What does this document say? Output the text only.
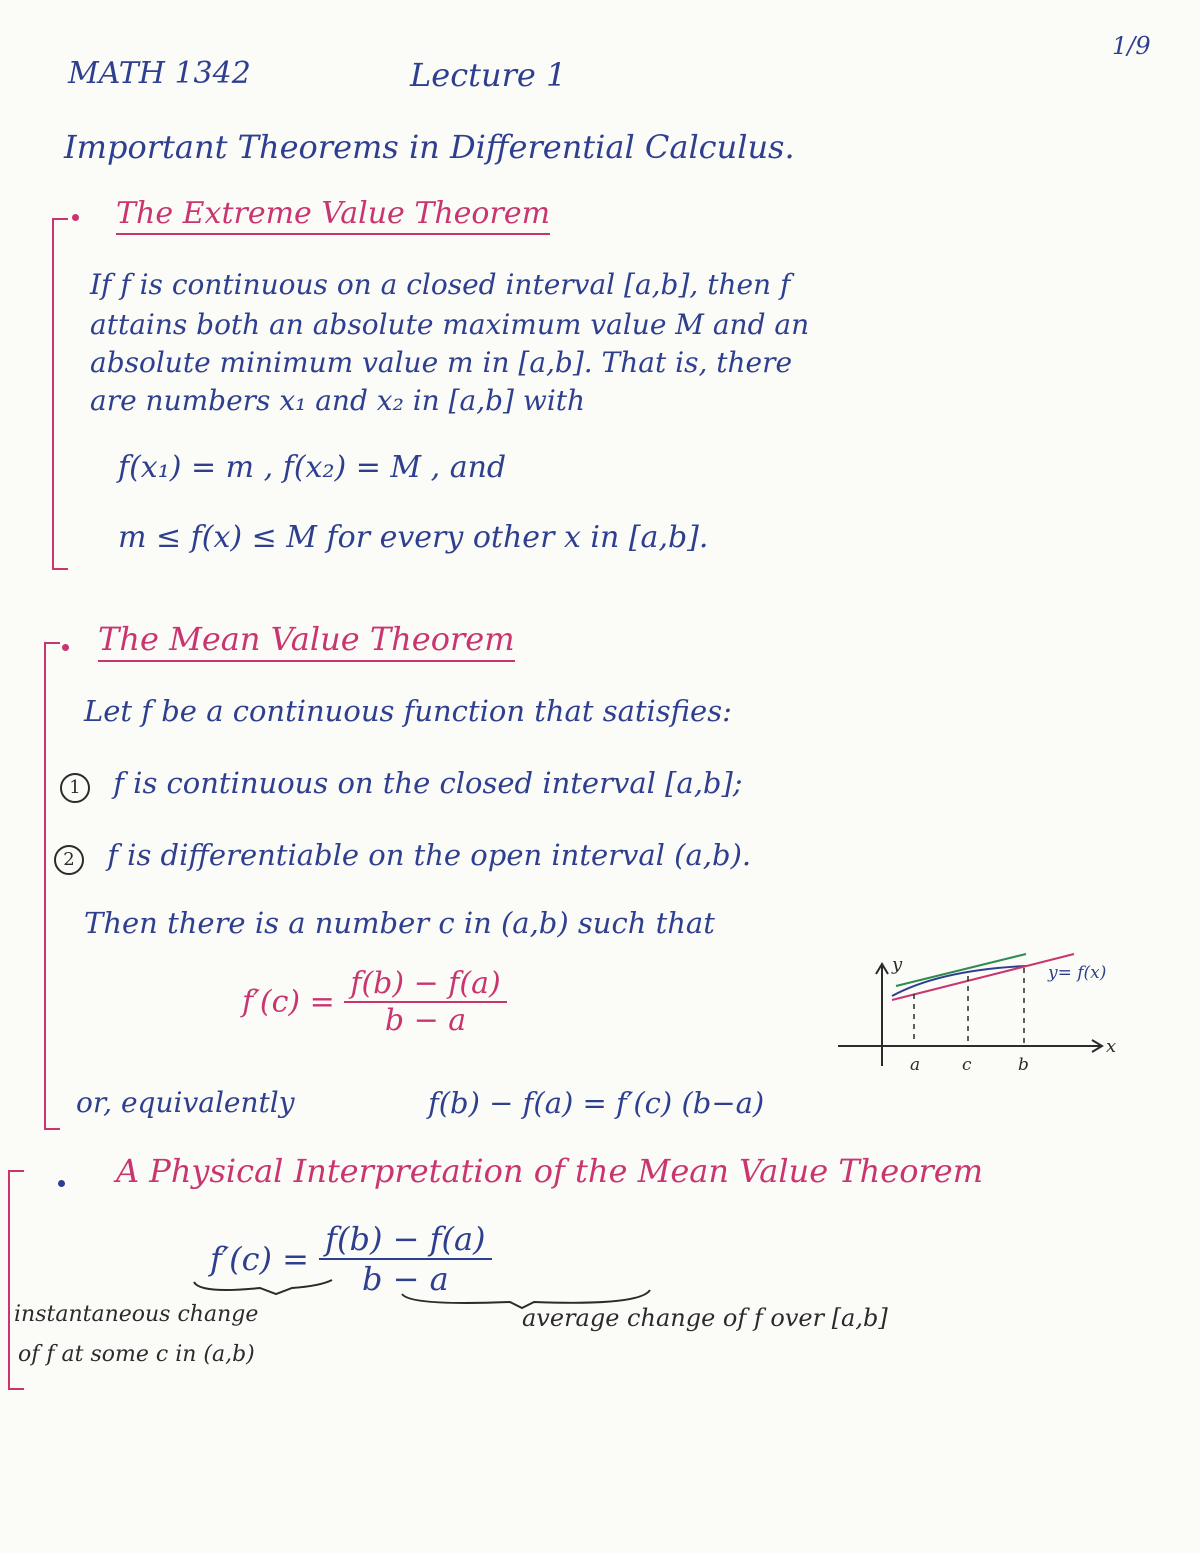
MATH 1342	Lecture 1
1/9
Important Theorems in Differential Calculus.
The Extreme Value Theorem
If f is continuous on a closed interval [a,b], then f
attains both an absolute maximum value M and an
absolute minimum value m in [a,b]. That is, there
are numbers x₁ and x₂ in [a,b] with
f(x₁) = m , f(x₂) = M , and
m ≤ f(x) ≤ M for every other x in [a,b].
The Mean Value Theorem
Let f be a continuous function that satisfies:
1 f is continuous on the closed interval [a,b];
2 f is differentiable on the open interval (a,b).
Then there is a number c in (a,b) such that
$f'(c) = \frac{f(b) - f(a)}{b - a}$
y
x
y= f(x)
a c	b
or, equivalently	f(b) − f(a) = f′(c) (b−a)
A Physical Interpretation of the Mean Value Theorem
$f'(c) = \frac{f(b) - f(a)}{b - a}$
instantaneous change
of f at some c in (a,b)
average change of f over [a,b]
